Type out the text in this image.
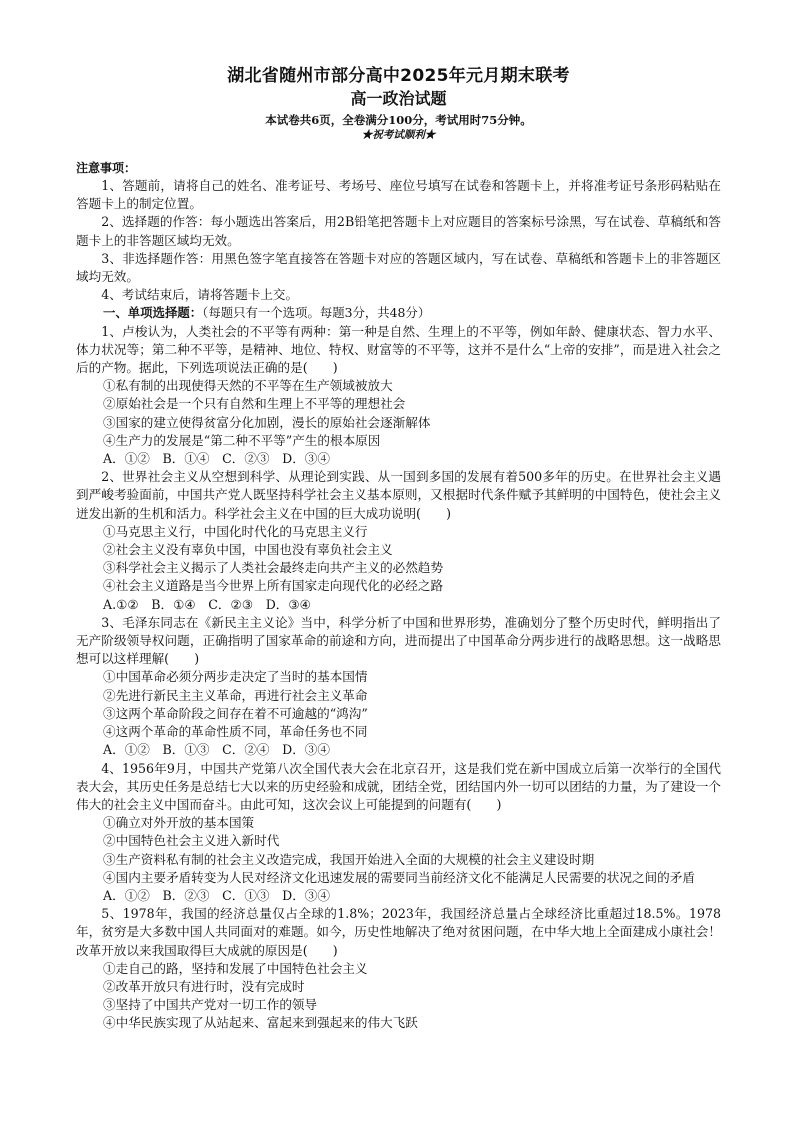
湖北省随州市部分高中2025年元月期末联考
高一政治试题
本试卷共6页，全卷满分100分，考试用时75分钟。
★祝考试顺利★
注意事项：

1、答题前，请将自己的姓名、准考证号、考场号、座位号填写在试卷和答题卡上，并将准考证号条形码粘贴在答题卡上的制定位置。

2、选择题的作答：每小题选出答案后，用2B铅笔把答题卡上对应题目的答案标号涂黑，写在试卷、草稿纸和答题卡上的非答题区域均无效。

3、非选择题作答：用黑色签字笔直接答在答题卡对应的答题区域内，写在试卷、草稿纸和答题卡上的非答题区域均无效。

4、考试结束后，请将答题卡上交。

一、单项选择题：（每题只有一个选项。每题3分，共48分）

1、卢梭认为，人类社会的不平等有两种：第一种是自然、生理上的不平等，例如年龄、健康状态、智力水平、体力状况等；第二种不平等，是精神、地位、特权、财富等的不平等，这并不是什么“上帝的安排”，而是进入社会之后的产物。据此，下列选项说法正确的是(　　)

①私有制的出现使得天然的不平等在生产领域被放大
②原始社会是一个只有自然和生理上不平等的理想社会
③国家的建立使得贫富分化加剧，漫长的原始社会逐渐解体
④生产力的发展是“第二种不平等”产生的根本原因
A．①②　B．①④　C．②③　D．③④

2、世界社会主义从空想到科学、从理论到实践、从一国到多国的发展有着500多年的历史。在世界社会主义遇到严峻考验面前，中国共产党人既坚持科学社会主义基本原则，又根据时代条件赋予其鲜明的中国特色，使社会主义迸发出新的生机和活力。科学社会主义在中国的巨大成功说明(　　)

①马克思主义行，中国化时代化的马克思主义行
②社会主义没有辜负中国，中国也没有辜负社会主义
③科学社会主义揭示了人类社会最终走向共产主义的必然趋势
④社会主义道路是当今世界上所有国家走向现代化的必经之路
A.①②　B．①④　C．②③　D．③④

3、毛泽东同志在《新民主主义论》当中，科学分析了中国和世界形势，准确划分了整个历史时代，鲜明指出了无产阶级领导权问题，正确指明了国家革命的前途和方向，进而提出了中国革命分两步进行的战略思想。这一战略思想可以这样理解(　　)

①中国革命必须分两步走决定了当时的基本国情
②先进行新民主主义革命，再进行社会主义革命
③这两个革命阶段之间存在着不可逾越的“鸿沟”
④这两个革命的革命性质不同，革命任务也不同
A．①②　B．①③　C．②④　D．③④

4、1956年9月，中国共产党第八次全国代表大会在北京召开，这是我们党在新中国成立后第一次举行的全国代表大会，其历史任务是总结七大以来的历史经验和成就，团结全党，团结国内外一切可以团结的力量，为了建设一个伟大的社会主义中国而奋斗。由此可知，这次会议上可能提到的问题有(　　)

①确立对外开放的基本国策
②中国特色社会主义进入新时代
③生产资料私有制的社会主义改造完成，我国开始进入全面的大规模的社会主义建设时期
④国内主要矛盾转变为人民对经济文化迅速发展的需要同当前经济文化不能满足人民需要的状况之间的矛盾
A．①②　B．②③　C．①③　D．③④

5、1978年，我国的经济总量仅占全球的1.8%；2023年，我国经济总量占全球经济比重超过18.5%。1978年，贫穷是大多数中国人共同面对的难题。如今，历史性地解决了绝对贫困问题，在中华大地上全面建成小康社会！改革开放以来我国取得巨大成就的原因是(　　)

①走自己的路，坚持和发展了中国特色社会主义
②改革开放只有进行时，没有完成时
③坚持了中国共产党对一切工作的领导
④中华民族实现了从站起来、富起来到强起来的伟大飞跃
